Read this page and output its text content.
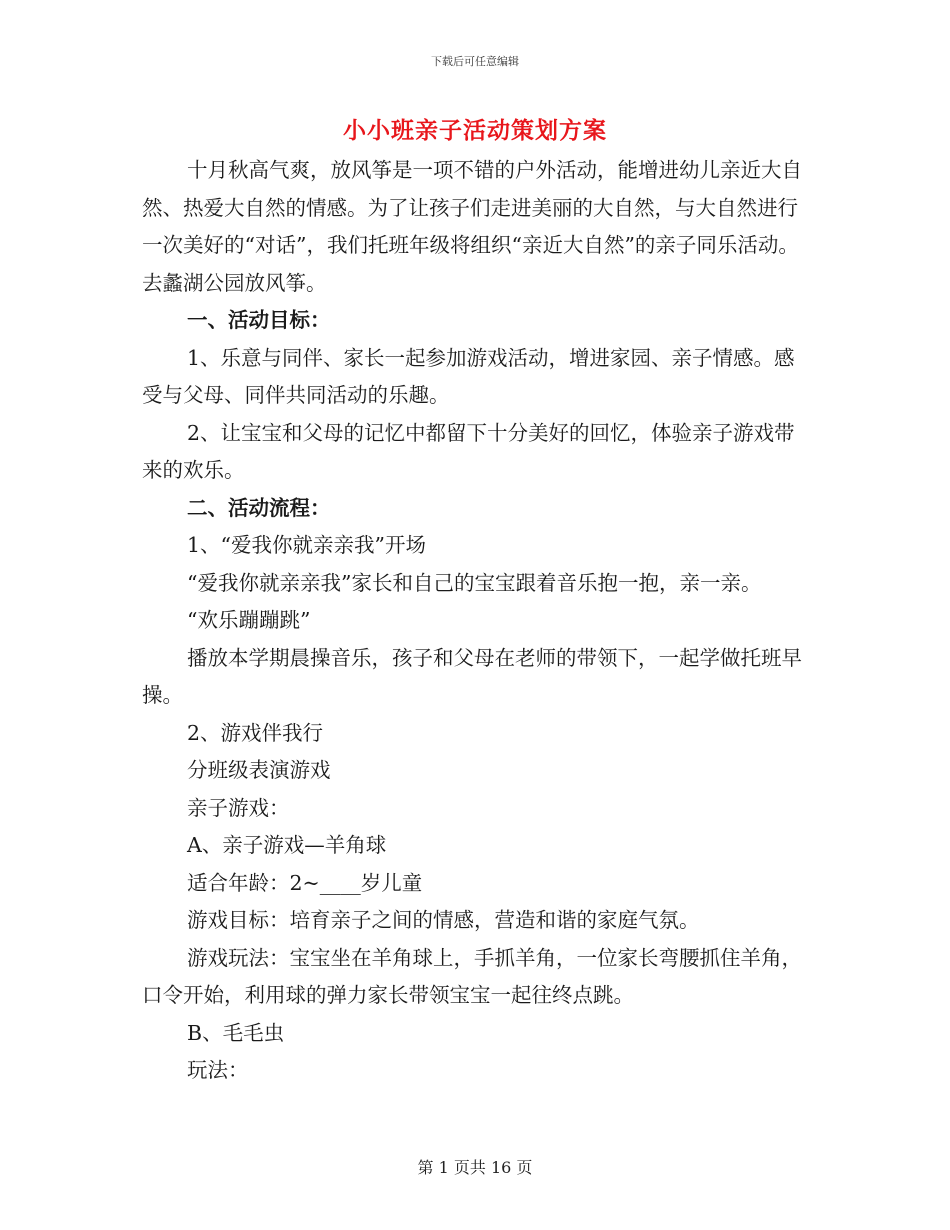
下载后可任意编辑
小小班亲子活动策划方案

十月秋高气爽，放风筝是一项不错的户外活动，能增进幼儿亲近大自然、热爱大自然的情感。为了让孩子们走进美丽的大自然，与大自然进行一次美好的“对话”，我们托班年级将组织“亲近大自然”的亲子同乐活动。去蠡湖公园放风筝。

一、活动目标：

1、乐意与同伴、家长一起参加游戏活动，增进家园、亲子情感。感受与父母、同伴共同活动的乐趣。

2、让宝宝和父母的记忆中都留下十分美好的回忆，体验亲子游戏带来的欢乐。

二、活动流程：

1、“爱我你就亲亲我”开场

“爱我你就亲亲我”家长和自己的宝宝跟着音乐抱一抱，亲一亲。

“欢乐蹦蹦跳”

播放本学期晨操音乐，孩子和父母在老师的带领下，一起学做托班早操。

2、游戏伴我行

分班级表演游戏

亲子游戏：

A、亲子游戏—羊角球

适合年龄：2~____岁儿童

游戏目标：培育亲子之间的情感，营造和谐的家庭气氛。

游戏玩法：宝宝坐在羊角球上，手抓羊角，一位家长弯腰抓住羊角，口令开始，利用球的弹力家长带领宝宝一起往终点跳。

B、毛毛虫

玩法：

第 1 页共 16 页
